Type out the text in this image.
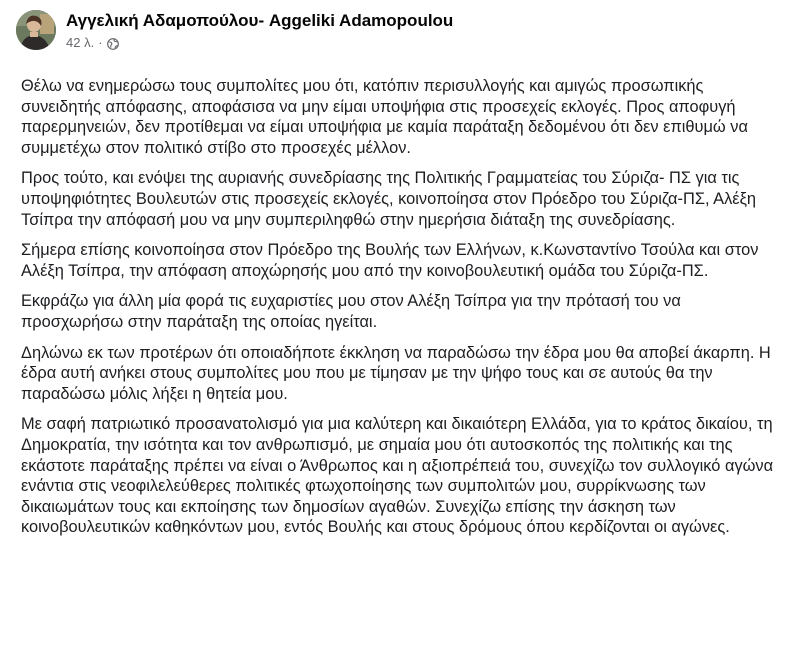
Αγγελική Αδαμοπούλου- Aggeliki Adamopoulou
42 λ. ·

Θέλω να ενημερώσω τους συμπολίτες μου ότι, κατόπιν περισυλλογής και αμιγώς προσωπικής συνειδητής απόφασης, αποφάσισα να μην είμαι υποψήφια στις προσεχείς εκλογές. Προς αποφυγή παρερμηνειών, δεν προτίθεμαι να είμαι υποψήφια με καμία παράταξη δεδομένου ότι δεν επιθυμώ να συμμετέχω στον πολιτικό στίβο στο προσεχές μέλλον.

Προς τούτο, και ενόψει της αυριανής συνεδρίασης της Πολιτικής Γραμματείας του Σύριζα- ΠΣ για τις υποψηφιότητες Βουλευτών στις προσεχείς εκλογές, κοινοποίησα στον Πρόεδρο του Σύριζα-ΠΣ, Αλέξη Τσίπρα την απόφασή μου να μην συμπεριληφθώ στην ημερήσια διάταξη της συνεδρίασης.

Σήμερα επίσης κοινοποίησα στον Πρόεδρο της Βουλής των Ελλήνων, κ.Κωνσταντίνο Τσούλα και στον Αλέξη Τσίπρα, την απόφαση αποχώρησής μου από την κοινοβουλευτική ομάδα του Σύριζα-ΠΣ.

Εκφράζω για άλλη μία φορά τις ευχαριστίες μου στον Αλέξη Τσίπρα για την πρότασή του να προσχωρήσω στην παράταξη της οποίας ηγείται.

Δηλώνω εκ των προτέρων ότι οποιαδήποτε έκκληση να παραδώσω την έδρα μου θα αποβεί άκαρπη. Η έδρα αυτή ανήκει στους συμπολίτες μου που με τίμησαν με την ψήφο τους και σε αυτούς θα την παραδώσω μόλις λήξει η θητεία μου.

Με σαφή πατριωτικό προσανατολισμό για μια καλύτερη και δικαιότερη Ελλάδα, για το κράτος δικαίου, τη Δημοκρατία, την ισότητα και τον ανθρωπισμό, με σημαία μου ότι αυτοσκοπός της πολιτικής και της εκάστοτε παράταξης πρέπει να είναι ο Άνθρωπος και η αξιοπρέπειά του, συνεχίζω τον συλλογικό αγώνα ενάντια στις νεοφιλελεύθερες πολιτικές φτωχοποίησης των συμπολιτών μου, συρρίκνωσης των δικαιωμάτων τους και εκποίησης των δημοσίων αγαθών. Συνεχίζω επίσης την άσκηση των κοινοβουλευτικών καθηκόντων μου, εντός Βουλής και στους δρόμους όπου κερδίζονται οι αγώνες.
